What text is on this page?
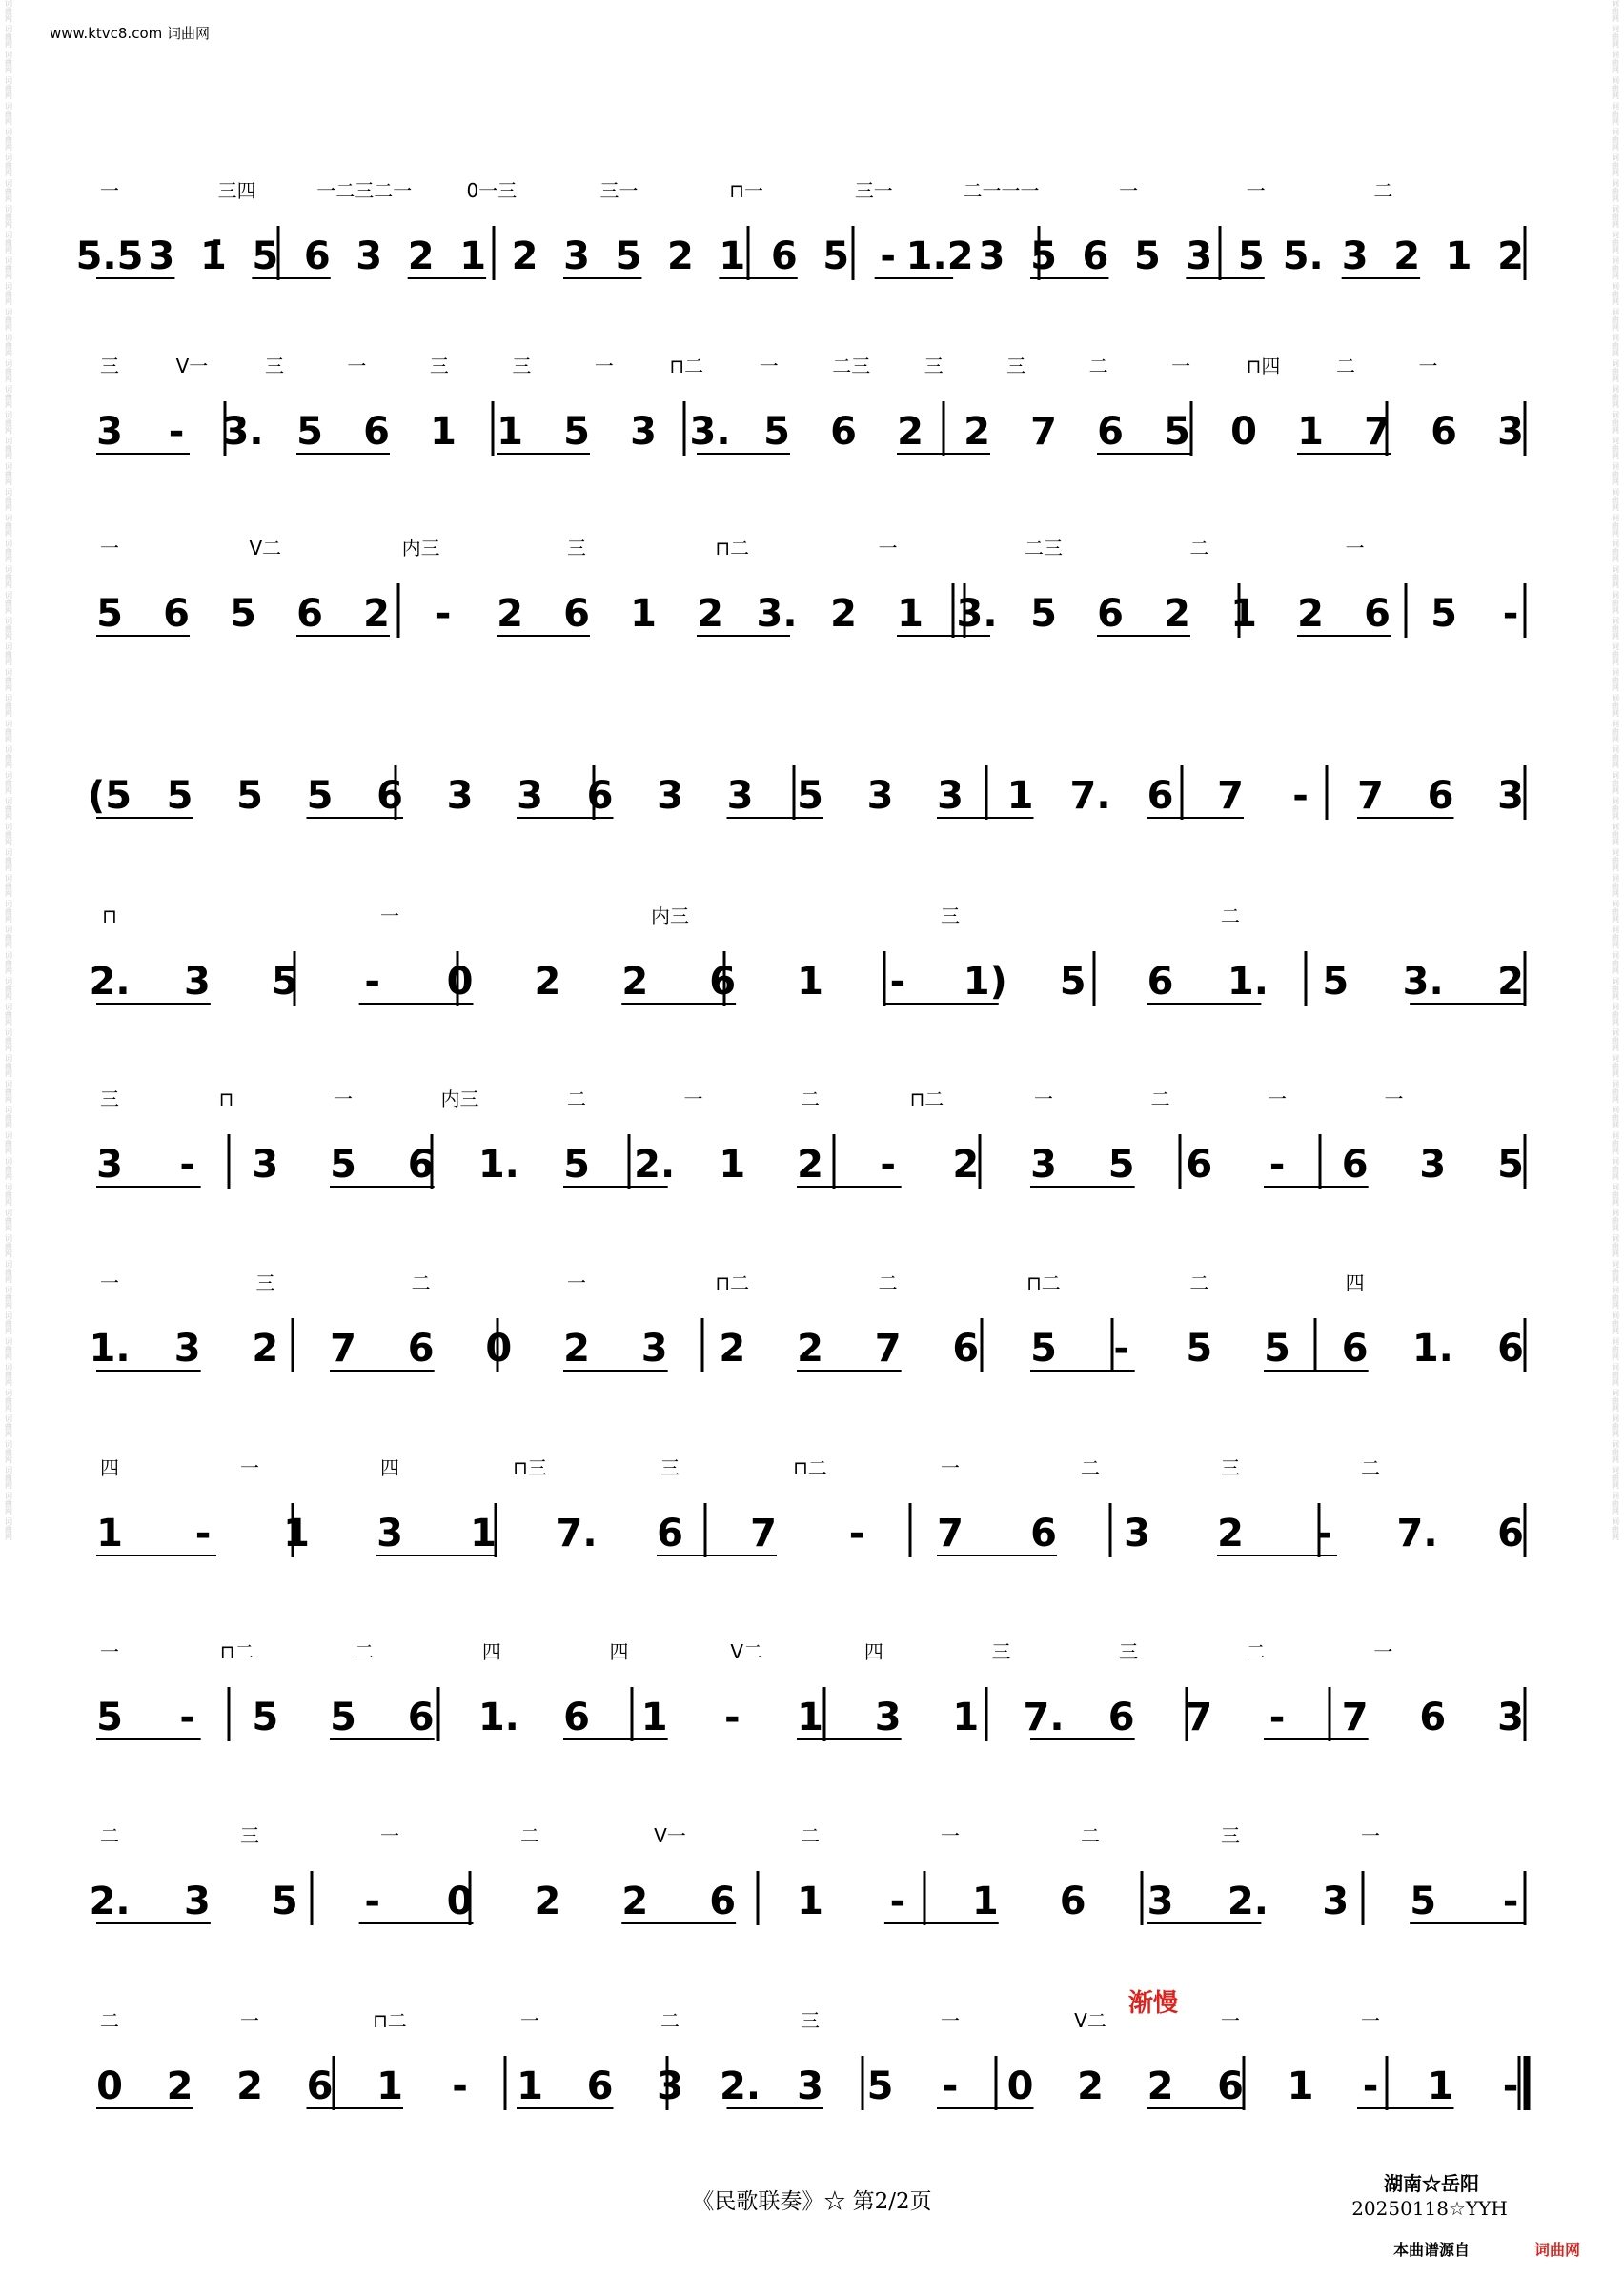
词
曲
网
词
曲
网
词
曲
网
词
曲
网
词
曲
网
词
曲
网
词
曲
网
词
曲
网
词
曲
网
词
曲
网
词
曲
网
词
曲
网
词
曲
网
词
曲
网
词
曲
网
词
曲
网
词
曲
网
词
曲
网
词
曲
网
词
曲
网
词
曲
网
词
曲
网
词
曲
网
词
曲
网
词
曲
网
词
曲
网
词
曲
网
词
曲
网
词
曲
网
词
曲
网
词
曲
网
词
曲
网
词
曲
网
词
曲
网
词
曲
网
词
曲
网
词
曲
网
词
曲
网
词
曲
网
词
曲
网
词
曲
网
词
曲
网
词
曲
网
词
曲
网
词
曲
网
词
曲
网
词
曲
网
词
曲
网
词
曲
网
词
曲
网
词
曲
网
词
曲
网
词
曲
网
词
曲
网
词
曲
网
词
曲
网
词
曲
网
词
曲
网
词
曲
网
词
曲
网
词
曲
网
词
曲
网
词
曲
网
词
曲
网
词
曲
网
词
曲
网
词
曲
网
词
曲
网
词
曲
网
词
曲
网
词
曲
网
词
曲
网
词
曲
网
词
曲
网
词
曲
网
词
曲
网
词
曲
网
词
曲
网
词
曲
网
词
曲
网
词
曲
网
词
曲
网
词
曲
网
词
曲
网
词
曲
网
词
曲
网
词
曲
网
词
曲
网
词
曲
网
词
曲
网
词
曲
网
词
曲
网
词
曲
网
词
曲
网
词
曲
网
词
曲
网
词
曲
网
词
曲
网
词
曲
网
词
曲
网
词
曲
网
词
曲
网
词
曲
网
词
曲
网
词
曲
网
词
曲
网
词
曲
网
词
曲
网
词
曲
网
词
曲
网
词
曲
网
词
曲
网
词
曲
网
词
曲
网
词
曲
网
词
曲
网
词
曲
网
词
曲
网
词
曲
网
词
曲
网
www.ktvc8.com 词曲网
5.5 3 1̇ 5 6 3 2 1 2 3 5 2 1 6 5 - 1.2 3 5 6 5 3 5 5. 3 2 1 2
一	三四	一二三二一	0一三	三一	⊓一	三一	二一一一	一	一	二
3 - 3. 5 6 1 1 5 3 3. 5 6 2 2 7 6 5 0 1 7 6 3
三	V一	三	一	三	三	一	⊓二	一	二三	三	三	二	一	⊓四	二	一
5 6 5 6 2 - 2 6 1 2 3. 2 1 3. 5 6 2 1 2 6 5 -
一	V二	内三	三	⊓二	一	二三	二	一
(5 5 5 5 6 3 3 6 3 3 5 3 3 1 7. 6 7 - 7 6 3
2. 3 5 - 0 2 2 6 1 - 1) 5 6 1. 5 3. 2
⊓	一	内三	三	二
3 - 3 5 6 1. 5 2. 1 2 - 2 3 5 6 - 6 3 5
三	⊓	一	内三	二	一	二	⊓二	一	二	一	一
1. 3 2 7 6 0 2 3 2 2 7 6 5 - 5 5 6 1. 6
一	三	二	一	⊓二	二	⊓二	二	四
1 - 1 3 1 7. 6 7 - 7 6 3 2 - 7. 6
四	一	四	⊓三	三	⊓二	一	二	三	二
5 - 5 5 6 1. 6 1 - 1 3 1 7. 6 7 - 7 6 3
一	⊓二	二	四	四	V二	四	三	三	二	一
2. 3 5 - 0 2 2 6 1 - 1 6 3 2. 3 5 -
二	三	一	二	V一	二	一	二	三	一
0 2 2 6 1 - 1 6 3 2. 3 5 - 0 2 2 6 1 - 1 -
二	一	⊓二	一	二	三	一	V二	一	一
渐慢
《民歌联奏》☆ 第2/2页
湖南☆岳阳
20250118☆YYH
本曲谱源自	词曲网
